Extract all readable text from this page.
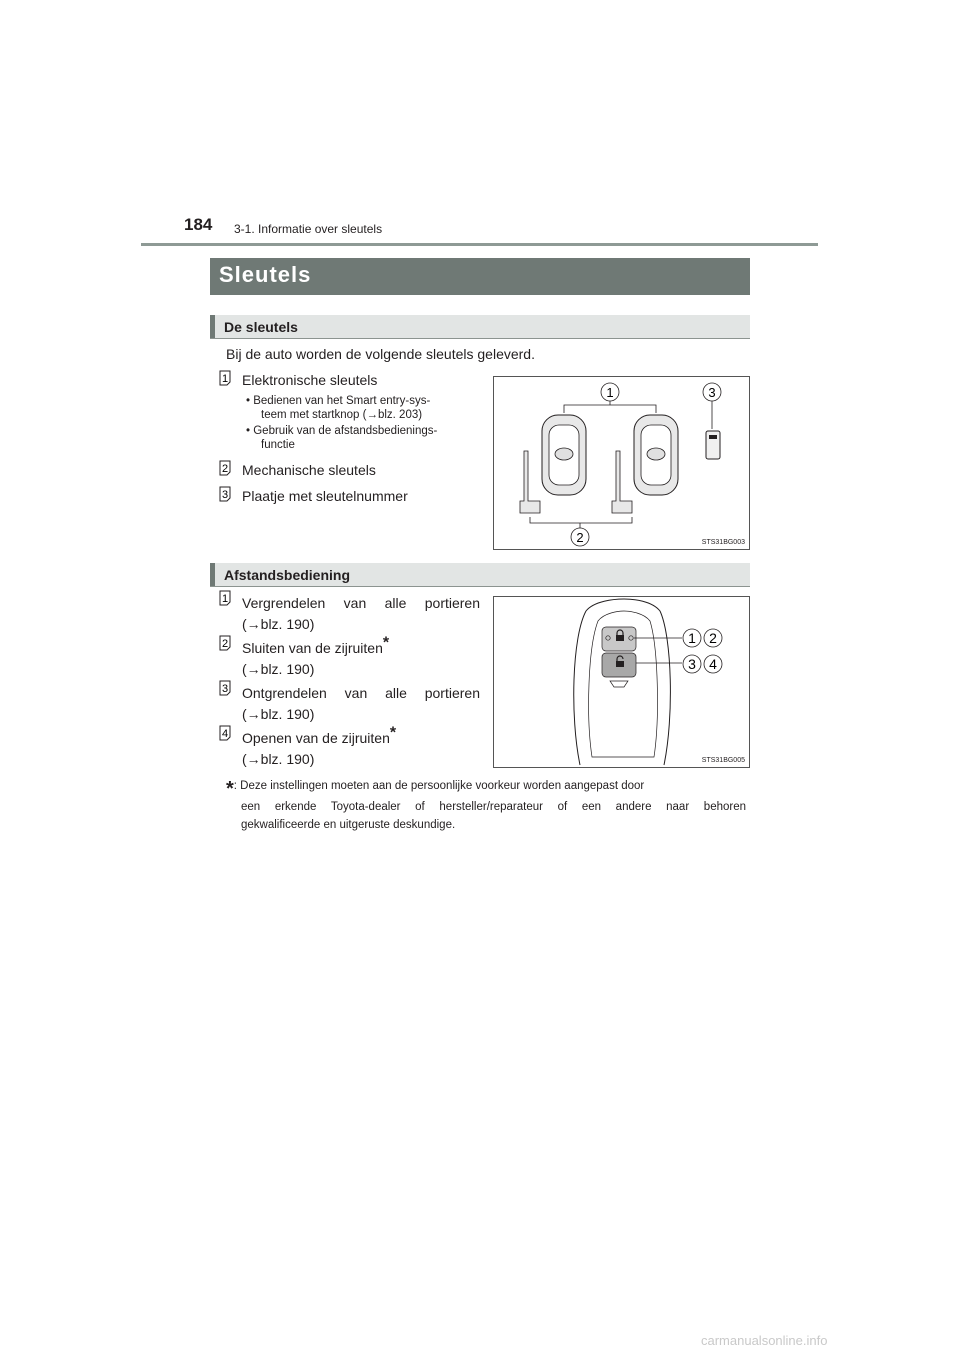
184 3-1. Informatie over sleutels
Sleutels
De sleutels
Bij de auto worden de volgende sleutels geleverd.
1 Elektronische sleutels
• Bedienen van het Smart entry-sys-
teem met startknop (→blz. 203)
• Gebruik van de afstandsbedienings-
functie
2 Mechanische sleutels
3 Plaatje met sleutelnummer
1	3
2	STS31BG003
Afstandsbediening
1 Vergrendelen van alle portieren
(→blz. 190)
2 Sluiten van de zijruiten*
(→blz. 190)
3 Ontgrendelen van alle portieren
(→blz. 190)
4 Openen van de zijruiten*
(→blz. 190)
1 2
3 4
STS31BG005
*: Deze instellingen moeten aan de persoonlijke voorkeur worden aangepast door
een erkende Toyota-dealer of hersteller/reparateur of een andere naar behoren
gekwalificeerde en uitgeruste deskundige.
carmanualsonline.info
